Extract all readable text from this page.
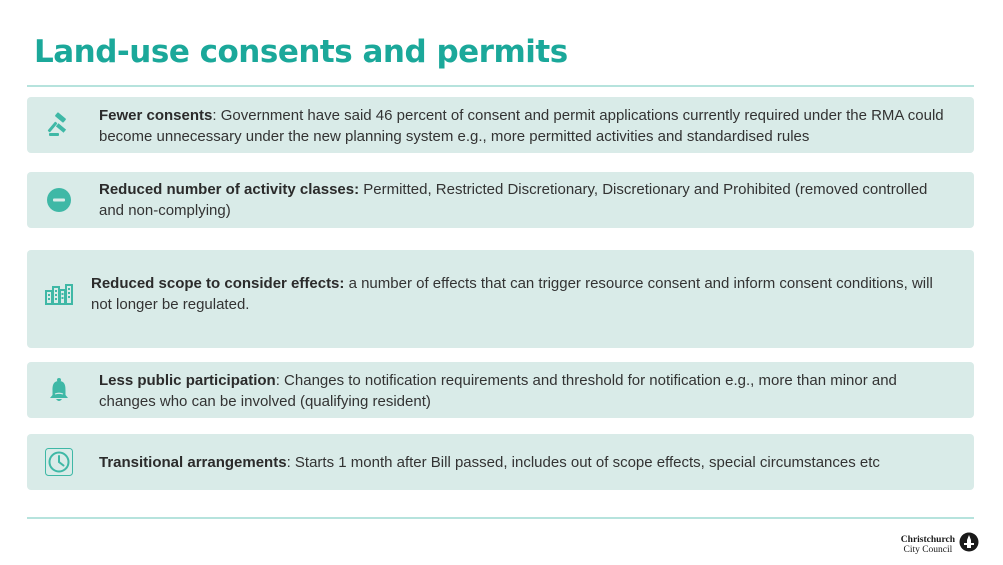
Land-use consents and permits
Fewer consents: Government have said 46 percent of consent and permit applications currently required under the RMA could become unnecessary under the new planning system e.g., more permitted activities and standardised rules
Reduced number of activity classes: Permitted, Restricted Discretionary, Discretionary and Prohibited (removed controlled and non-complying)
Reduced scope to consider effects: a number of effects that can trigger resource consent and inform consent conditions, will not longer be regulated.
Less public participation: Changes to notification requirements and threshold for notification e.g., more than minor and changes who can be involved (qualifying resident)
Transitional arrangements: Starts 1 month after Bill passed, includes out of scope effects, special circumstances etc
Christchurch
City Council
